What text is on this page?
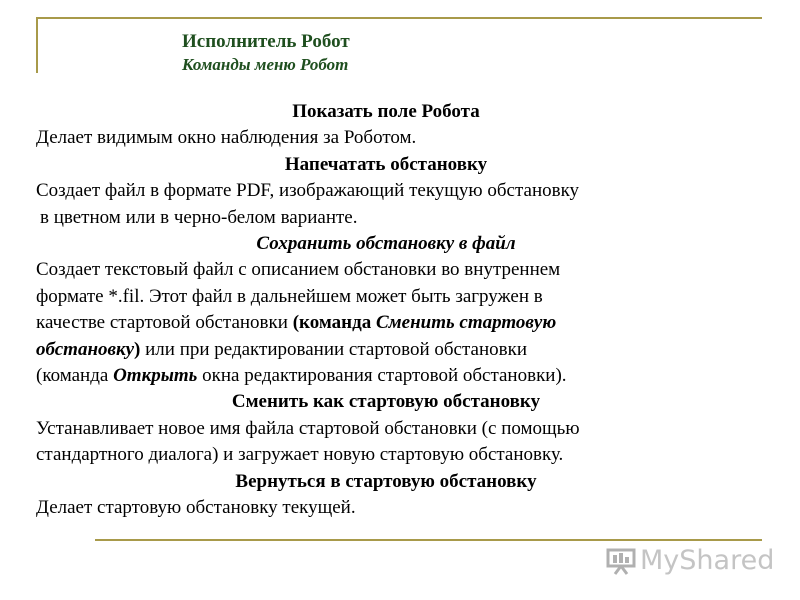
Исполнитель Робот
Команды меню Робот
Показать поле Робота
Делает видимым окно наблюдения за Роботом.
Напечатать обстановку
Создает файл в формате PDF, изображающий текущую обстановку
в цветном или в черно-белом варианте.
Сохранить обстановку в файл
Создает текстовый файл с описанием обстановки во внутреннем
формате *.fil. Этот файл в дальнейшем может быть загружен в
качестве стартовой обстановки (команда Сменить стартовую
обстановку) или при редактировании стартовой обстановки
(команда Открыть окна редактирования стартовой обстановки).
Сменить как стартовую обстановку
Устанавливает новое имя файла стартовой обстановки (с помощью
стандартного диалога) и загружает новую стартовую обстановку.
Вернуться в стартовую обстановку
Делает стартовую обстановку текущей.
MyShared
